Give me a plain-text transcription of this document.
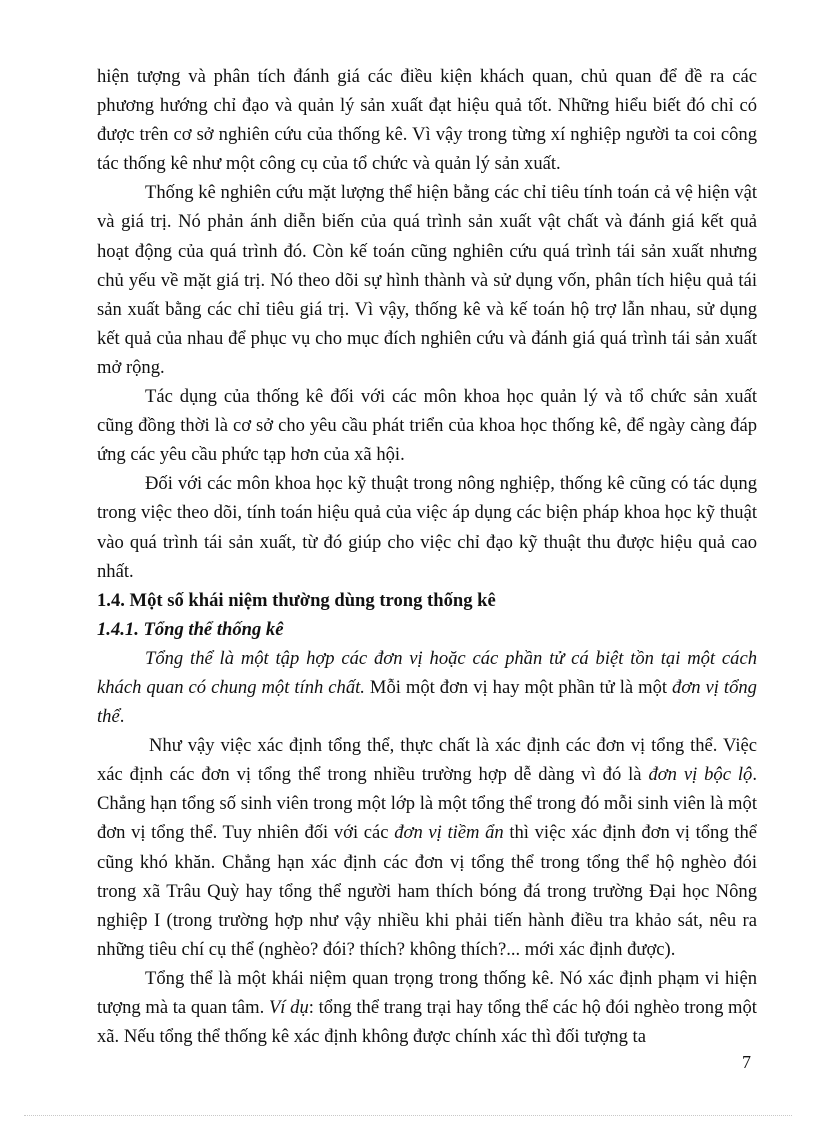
hiện tượng và phân tích đánh giá các điều kiện khách quan, chủ quan để đề ra các phương hướng chỉ đạo và quản lý sản xuất đạt hiệu quả tốt. Những hiểu biết đó chỉ có được trên cơ sở nghiên cứu của thống kê. Vì vậy trong từng xí nghiệp người ta coi công tác thống kê như một công cụ của tổ chức và quản lý sản xuất.

Thống kê nghiên cứu mặt lượng thể hiện bằng các chỉ tiêu tính toán cả vệ hiện vật và giá trị. Nó phản ánh diễn biến của quá trình sản xuất vật chất và đánh giá kết quả hoạt động của quá trình đó. Còn kế toán cũng nghiên cứu quá trình tái sản xuất nhưng chủ yếu về mặt giá trị. Nó theo dõi sự hình thành và sử dụng vốn, phân tích hiệu quả tái sản xuất bằng các chỉ tiêu giá trị. Vì vậy, thống kê và kế toán hộ trợ lẫn nhau, sử dụng kết quả của nhau để phục vụ cho mục đích nghiên cứu và đánh giá quá trình tái sản xuất mở rộng.

Tác dụng của thống kê đối với các môn khoa học quản lý và tổ chức sản xuất cũng đồng thời là cơ sở cho yêu cầu phát triển của khoa học thống kê, để ngày càng đáp ứng các yêu cầu phức tạp hơn của xã hội.

Đối với các môn khoa học kỹ thuật trong nông nghiệp, thống kê cũng có tác dụng trong việc theo dõi, tính toán hiệu quả của việc áp dụng các biện pháp khoa học kỹ thuật vào quá trình tái sản xuất, từ đó giúp cho việc chỉ đạo kỹ thuật thu được hiệu quả cao nhất.

1.4. Một số khái niệm thường dùng trong thống kê

1.4.1. Tổng thể thống kê

Tổng thể là một tập hợp các đơn vị hoặc các phần tử cá biệt tồn tại một cách khách quan có chung một tính chất. Mỗi một đơn vị hay một phần tử là một đơn vị tổng thể.

Như vậy việc xác định tổng thể, thực chất là xác định các đơn vị tổng thể. Việc xác định các đơn vị tổng thể trong nhiều trường hợp dễ dàng vì đó là đơn vị bộc lộ. Chẳng hạn tổng số sinh viên trong một lớp là một tổng thể trong đó mỗi sinh viên là một đơn vị tổng thể. Tuy nhiên đối với các đơn vị tiềm ẩn thì việc xác định đơn vị tổng thể cũng khó khăn. Chẳng hạn xác định các đơn vị tổng thể trong tổng thể hộ nghèo đói trong xã Trâu Quỳ hay tổng thể người ham thích bóng đá trong trường Đại học Nông nghiệp I (trong trường hợp như vậy nhiều khi phải tiến hành điều tra khảo sát, nêu ra những tiêu chí cụ thể (nghèo? đói? thích? không thích?... mới xác định được).

Tổng thể là một khái niệm quan trọng trong thống kê. Nó xác định phạm vi hiện tượng mà ta quan tâm. Ví dụ: tổng thể trang trại hay tổng thể các hộ đói nghèo trong một xã. Nếu tổng thể thống kê xác định không được chính xác thì đối tượng ta

7
